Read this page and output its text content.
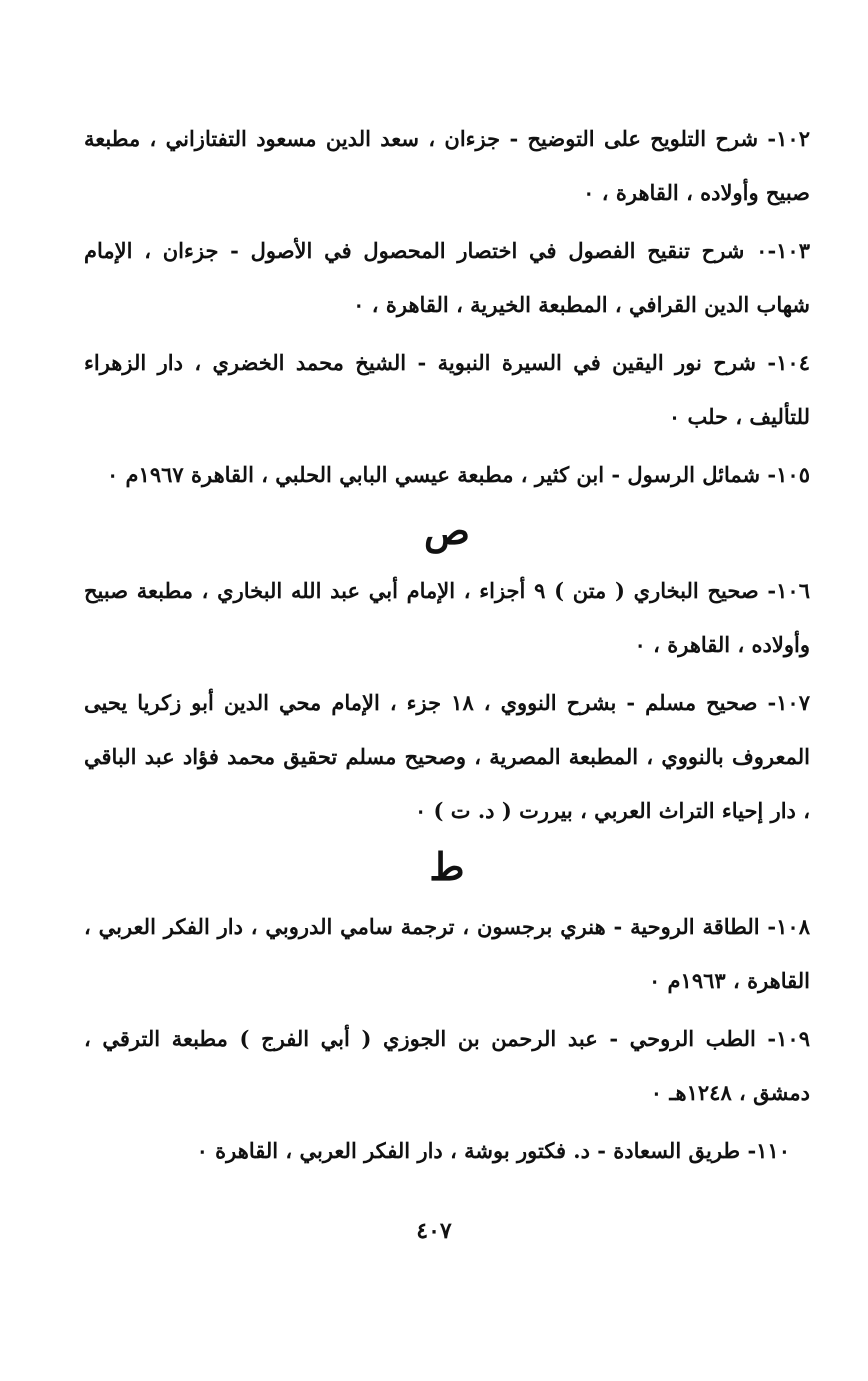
١٠٢- شرح التلويح على التوضيح - جزءان ، سعد الدين مسعود التفتازاني ، مطبعة صبيح وأولاده ، القاهرة ، ٠

١٠٣-٠ شرح تنقيح الفصول في اختصار المحصول في الأصول - جزءان ، الإمام شهاب الدين القرافي ، المطبعة الخيرية ، القاهرة ، ٠

١٠٤- شرح نور اليقين في السيرة النبوية - الشيخ محمد الخضري ، دار الزهراء للتأليف ، حلب ٠

١٠٥- شمائل الرسول - ابن كثير ، مطبعة عيسي البابي الحلبي ، القاهرة ١٩٦٧م ٠

ص

١٠٦- صحيح البخاري ( متن ) ٩ أجزاء ، الإمام أبي عبد الله البخاري ، مطبعة صبيح وأولاده ، القاهرة ، ٠

١٠٧- صحيح مسلم - بشرح النووي ، ١٨ جزء ، الإمام محي الدين أبو زكريا يحيى المعروف بالنووي ، المطبعة المصرية ، وصحيح مسلم تحقيق محمد فؤاد عبد الباقي ، دار إحياء التراث العربي ، بيررت ( د. ت ) ٠

ط

١٠٨- الطاقة الروحية - هنري برجسون ، ترجمة سامي الدروبي ، دار الفكر العربي ، القاهرة ، ١٩٦٣م ٠

١٠٩- الطب الروحي - عبد الرحمن بن الجوزي ( أبي الفرج ) مطبعة الترقي ، دمشق ، ١٢٤٨هـ ٠

١١٠- طريق السعادة - د. فكتور بوشة ، دار الفكر العربي ، القاهرة ٠

٤٠٧
